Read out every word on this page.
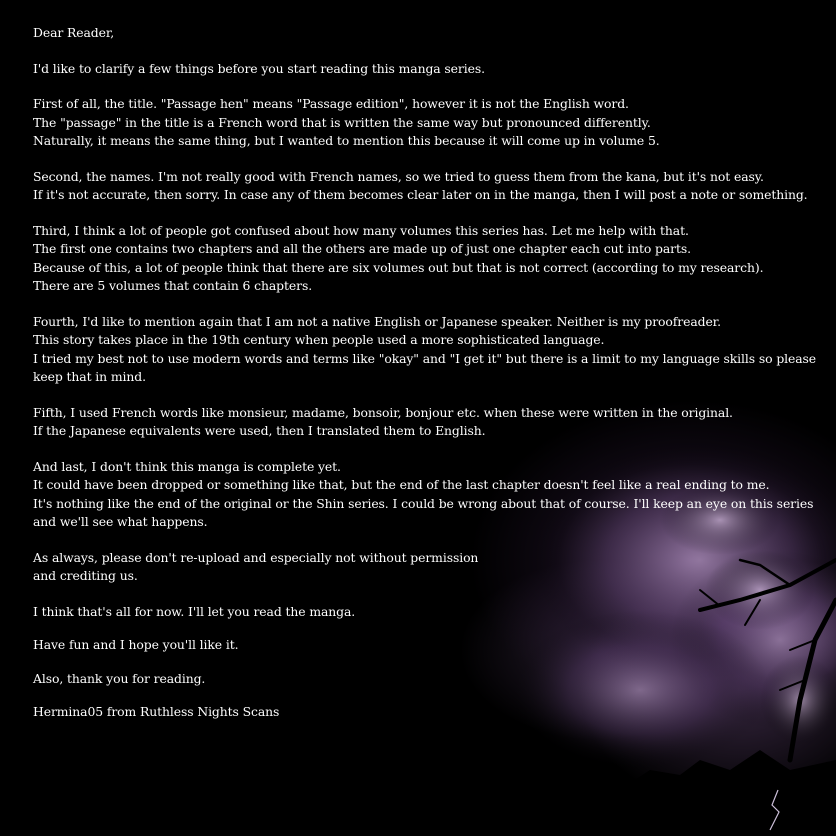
Dear Reader,

I'd like to clarify a few things before you start reading this manga series.

First of all, the title. "Passage hen" means "Passage edition", however it is not the English word.
The "passage" in the title is a French word that is written the same way but pronounced differently.
Naturally, it means the same thing, but I wanted to mention this because it will come up in volume 5.

Second, the names. I'm not really good with French names, so we tried to guess them from the kana, but it's not easy.
If it's not accurate, then sorry. In case any of them becomes clear later on in the manga, then I will post a note or something.

Third, I think a lot of people got confused about how many volumes this series has. Let me help with that.
The first one contains two chapters and all the others are made up of just one chapter each cut into parts.
Because of this, a lot of people think that there are six volumes out but that is not correct (according to my research).
There are 5 volumes that contain 6 chapters.

Fourth, I'd like to mention again that I am not a native English or Japanese speaker. Neither is my proofreader.
This story takes place in the 19th century when people used a more sophisticated language.
I tried my best not to use modern words and terms like "okay" and "I get it" but there is a limit to my language skills so please
keep that in mind.

Fifth, I used French words like monsieur, madame, bonsoir, bonjour etc. when these were written in the original.
If the Japanese equivalents were used, then I translated them to English.

And last, I don't think this manga is complete yet.
It could have been dropped or something like that, but the end of the last chapter doesn't feel like a real ending to me.
It's nothing like the end of the original or the Shin series. I could be wrong about that of course. I'll keep an eye on this series
and we'll see what happens.

As always, please don't re-upload and especially not without permission
and crediting us.

I think that's all for now. I'll let you read the manga.

Have fun and I hope you'll like it.

Also, thank you for reading.

Hermina05 from Ruthless Nights Scans
